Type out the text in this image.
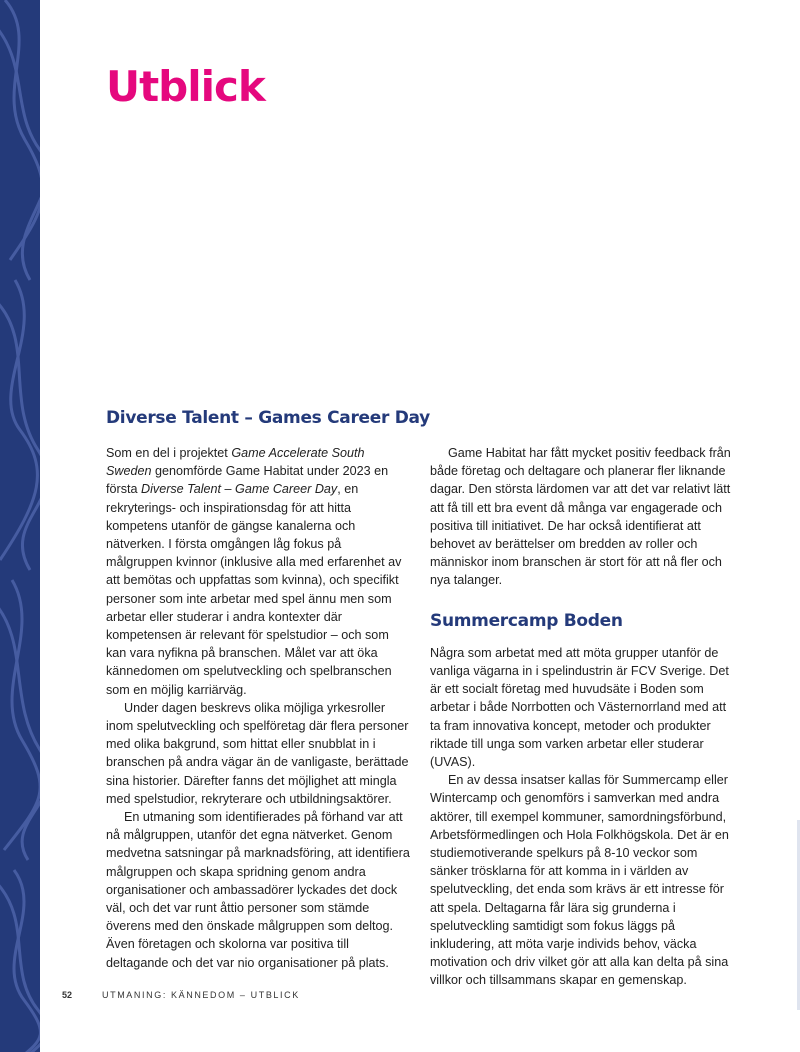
Utblick
Diverse Talent – Games Career Day

Som en del i projektet Game Accelerate South Sweden genomförde Game Habitat under 2023 en första Diverse Talent – Game Career Day, en rekryterings- och inspirationsdag för att hitta kompetens utanför de gängse kanalerna och nätverken. I första omgången låg fokus på målgruppen kvinnor (inklusive alla med erfarenhet av att bemötas och uppfattas som kvinna), och specifikt personer som inte arbetar med spel ännu men som arbetar eller studerar i andra kontexter där kompetensen är relevant för spelstudior – och som kan vara nyfikna på branschen. Målet var att öka kännedomen om spelutveckling och spelbranschen som en möjlig karriärväg.

Under dagen beskrevs olika möjliga yrkesroller inom spelutveckling och spelföretag där flera personer med olika bakgrund, som hittat eller snubblat in i branschen på andra vägar än de vanligaste, berättade sina historier. Därefter fanns det möjlighet att mingla med spelstudior, rekryterare och utbildningsaktörer.

En utmaning som identifierades på förhand var att nå målgruppen, utanför det egna nätverket. Genom medvetna satsningar på marknadsföring, att identifiera målgruppen och skapa spridning genom andra organisationer och ambassadörer lyckades det dock väl, och det var runt åttio personer som stämde överens med den önskade målgruppen som deltog. Även företagen och skolorna var positiva till deltagande och det var nio organisationer på plats.

Game Habitat har fått mycket positiv feedback från både företag och deltagare och planerar fler liknande dagar. Den största lärdomen var att det var relativt lätt att få till ett bra event då många var engagerade och positiva till initiativet. De har också identifierat att behovet av berättelser om bredden av roller och människor inom branschen är stort för att nå fler och nya talanger.

Summercamp Boden

Några som arbetat med att möta grupper utanför de vanliga vägarna in i spelindustrin är FCV Sverige. Det är ett socialt företag med huvudsäte i Boden som arbetar i både Norrbotten och Västernorrland med att ta fram innovativa koncept, metoder och produkter riktade till unga som varken arbetar eller studerar (UVAS).

En av dessa insatser kallas för Summercamp eller Wintercamp och genomförs i samverkan med andra aktörer, till exempel kommuner, samordningsförbund, Arbetsförmedlingen och Hola Folkhögskola. Det är en studiemotiverande spelkurs på 8-10 veckor som sänker trösklarna för att komma in i världen av spelutveckling, det enda som krävs är ett intresse för att spela. Deltagarna får lära sig grunderna i spelutveckling samtidigt som fokus läggs på inkludering, att möta varje individs behov, väcka motivation och driv vilket gör att alla kan delta på sina villkor och tillsammans skapar en gemenskap.

52	UTMANING: KÄNNEDOM – UTBLICK
